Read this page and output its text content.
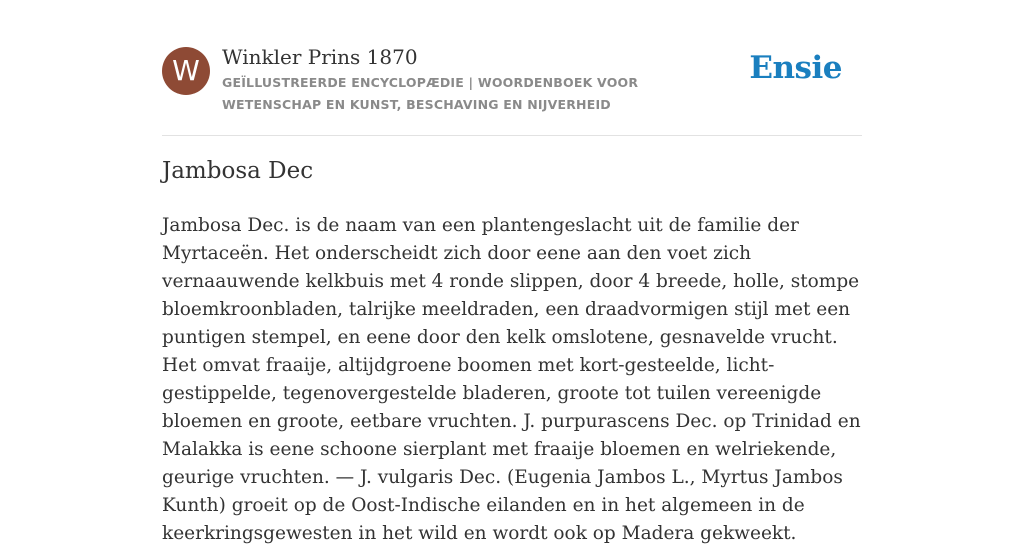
W	Winkler Prins 1870
GEÏLLUSTREERDE ENCYCLOPÆDIE | WOORDENBOEK VOOR WETENSCHAP EN KUNST, BESCHAVING EN NIJVERHEID
Ensie
Jambosa Dec

Jambosa Dec. is de naam van een plantengeslacht uit de familie der Myrtaceën. Het onderscheidt zich door eene aan den voet zich vernaauwende kelkbuis met 4 ronde slippen, door 4 breede, holle, stompe bloemkroonbladen, talrijke meeldraden, een draadvormigen stijl met een puntigen stempel, en eene door den kelk omslotene, gesnavelde vrucht. Het omvat fraaije, altijdgroene boomen met kort-gesteelde, licht-gestippelde, tegenovergestelde bladeren, groote tot tuilen vereenigde bloemen en groote, eetbare vruchten. J. purpurascens Dec. op Trinidad en Malakka is eene schoone sierplant met fraaije bloemen en welriekende, geurige vruchten. — J. vulgaris Dec. (Eugenia Jambos L., Myrtus Jambos Kunth) groeit op de Oost-Indische eilanden en in het algemeen in de keerkringsgewesten in het wild en wordt ook op Madera gekweekt.
